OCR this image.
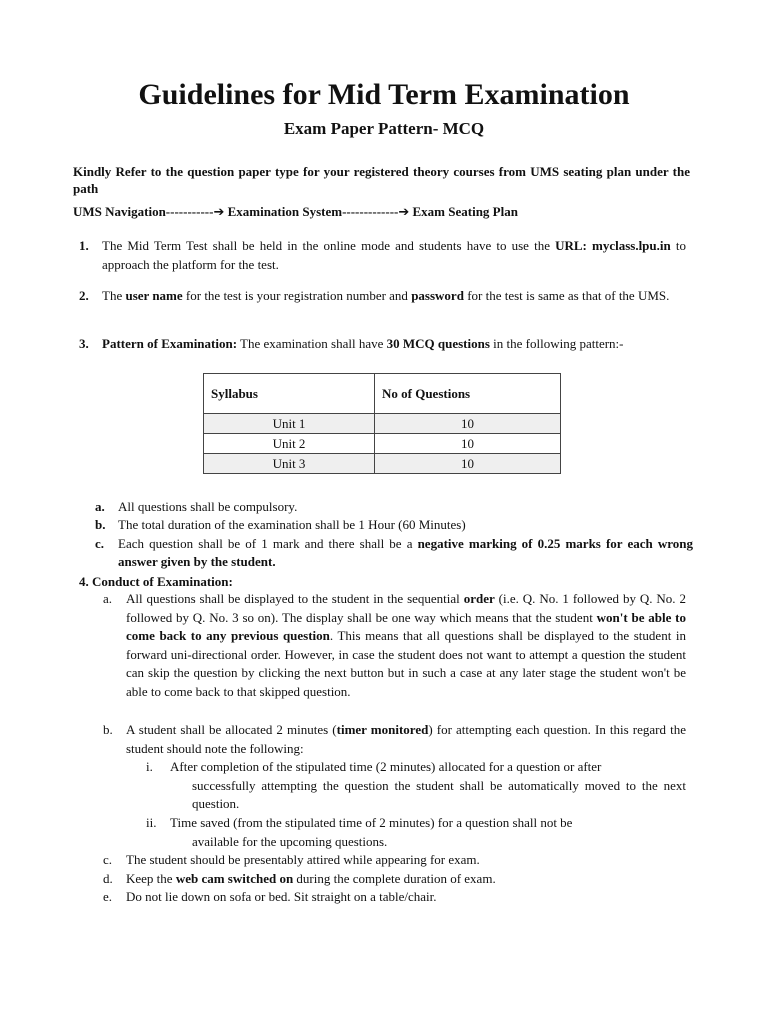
Guidelines for Mid Term Examination
Exam Paper Pattern- MCQ
Kindly Refer to the question paper type for your registered theory courses from UMS seating plan under the path
UMS Navigation-----------➔ Examination System-------------➔ Exam Seating Plan
1. The Mid Term Test shall be held in the online mode and students have to use the URL: myclass.lpu.in to approach the platform for the test.
2. The user name for the test is your registration number and password for the test is same as that of the UMS.
3. Pattern of Examination: The examination shall have 30 MCQ questions in the following pattern:-
Syllabus	No of Questions
Unit 1	10
Unit 2	10
Unit 3	10
a. All questions shall be compulsory.
b. The total duration of the examination shall be 1 Hour (60 Minutes)
c. Each question shall be of 1 mark and there shall be a negative marking of 0.25 marks for each wrong answer given by the student.
4. Conduct of Examination:
a. All questions shall be displayed to the student in the sequential order (i.e. Q. No. 1 followed by Q. No. 2 followed by Q. No. 3 so on). The display shall be one way which means that the student won't be able to come back to any previous question. This means that all questions shall be displayed to the student in forward uni-directional order. However, in case the student does not want to attempt a question the student can skip the question by clicking the next button but in such a case at any later stage the student won't be able to come back to that skipped question.
b. A student shall be allocated 2 minutes (timer monitored) for attempting each question. In this regard the student should note the following:
i. After completion of the stipulated time (2 minutes) allocated for a question or after
successfully attempting the question the student shall be automatically moved to the next question.
ii. Time saved (from the stipulated time of 2 minutes) for a question shall not be
available for the upcoming questions.
c. The student should be presentably attired while appearing for exam.
d. Keep the web cam switched on during the complete duration of exam.
e. Do not lie down on sofa or bed. Sit straight on a table/chair.
